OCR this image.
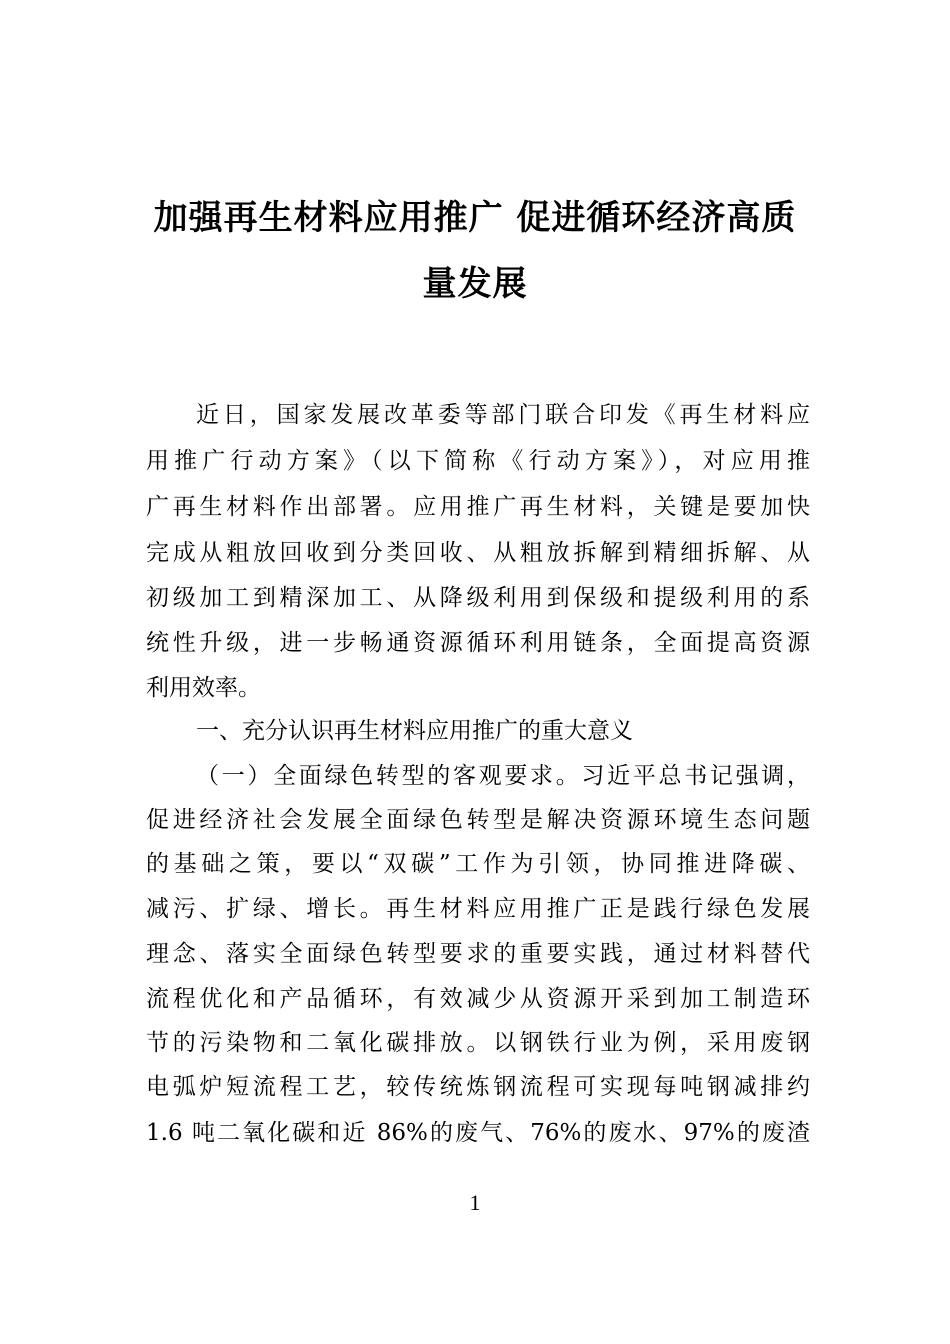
加强再生材料应用推广 促进循环经济高质
量发展
近日，国家发展改革委等部门联合印发《再生材料应
用推广行动方案》（以下简称《行动方案》），对应用推
广再生材料作出部署。应用推广再生材料，关键是要加快
完成从粗放回收到分类回收、从粗放拆解到精细拆解、从
初级加工到精深加工、从降级利用到保级和提级利用的系
统性升级，进一步畅通资源循环利用链条，全面提高资源
利用效率。
一、充分认识再生材料应用推广的重大意义
（一）全面绿色转型的客观要求。习近平总书记强调，
促进经济社会发展全面绿色转型是解决资源环境生态问题
的基础之策，要以“双碳”工作为引领，协同推进降碳、
减污、扩绿、增长。再生材料应用推广正是践行绿色发展
理念、落实全面绿色转型要求的重要实践，通过材料替代
流程优化和产品循环，有效减少从资源开采到加工制造环
节的污染物和二氧化碳排放。以钢铁行业为例，采用废钢
电弧炉短流程工艺，较传统炼钢流程可实现每吨钢减排约
1.6 吨二氧化碳和近 86%的废气、76%的废水、97%的废渣
1
